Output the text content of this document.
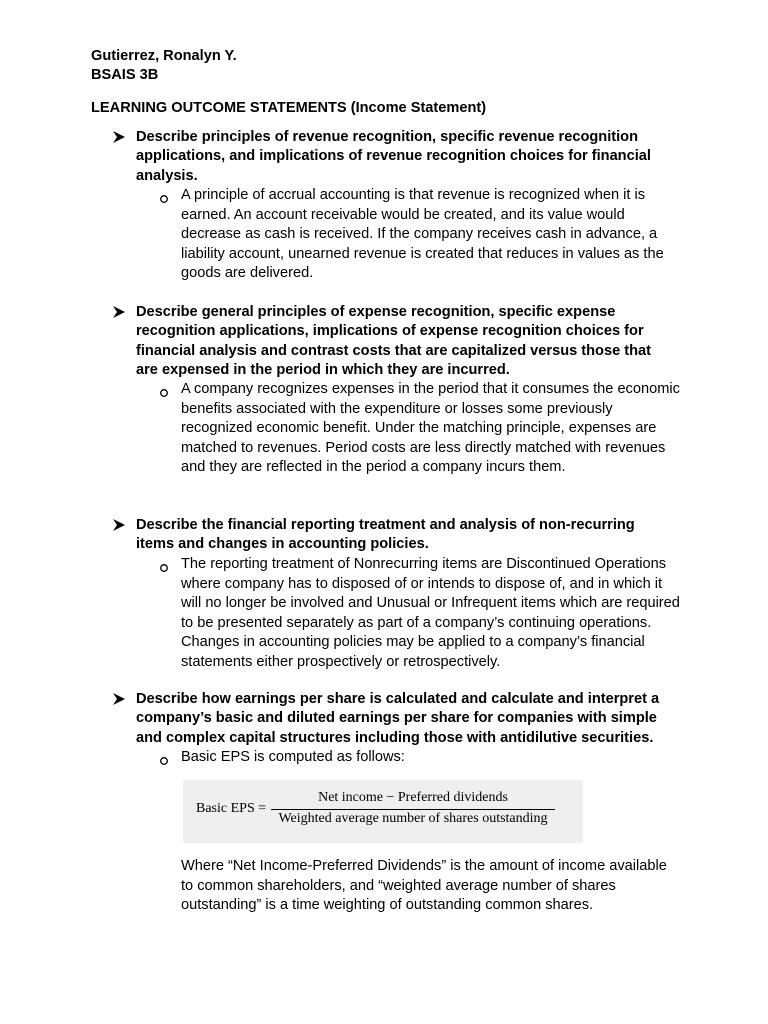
Gutierrez, Ronalyn Y.
BSAIS 3B
LEARNING OUTCOME STATEMENTS (Income Statement)
Describe principles of revenue recognition, specific revenue recognition applications, and implications of revenue recognition choices for financial analysis.
A principle of accrual accounting is that revenue is recognized when it is earned. An account receivable would be created, and its value would decrease as cash is received. If the company receives cash in advance, a liability account, unearned revenue is created that reduces in values as the goods are delivered.
Describe general principles of expense recognition, specific expense recognition applications, implications of expense recognition choices for financial analysis and contrast costs that are capitalized versus those that are expensed in the period in which they are incurred.
A company recognizes expenses in the period that it consumes the economic benefits associated with the expenditure or losses some previously recognized economic benefit. Under the matching principle, expenses are matched to revenues. Period costs are less directly matched with revenues and they are reflected in the period a company incurs them.
Describe the financial reporting treatment and analysis of non-recurring items and changes in accounting policies.
The reporting treatment of Nonrecurring items are Discontinued Operations where company has to disposed of or intends to dispose of, and in which it will no longer be involved and Unusual or Infrequent items which are required to be presented separately as part of a company’s continuing operations. Changes in accounting policies may be applied to a company’s financial statements either prospectively or retrospectively.
Describe how earnings per share is calculated and calculate and interpret a company’s basic and diluted earnings per share for companies with simple and complex capital structures including those with antidilutive securities.
Basic EPS is computed as follows:
Basic EPS =
Net income − Preferred dividends
Weighted average number of shares outstanding
Where “Net Income-Preferred Dividends” is the amount of income available to common shareholders, and “weighted average number of shares outstanding” is a time weighting of outstanding common shares.
